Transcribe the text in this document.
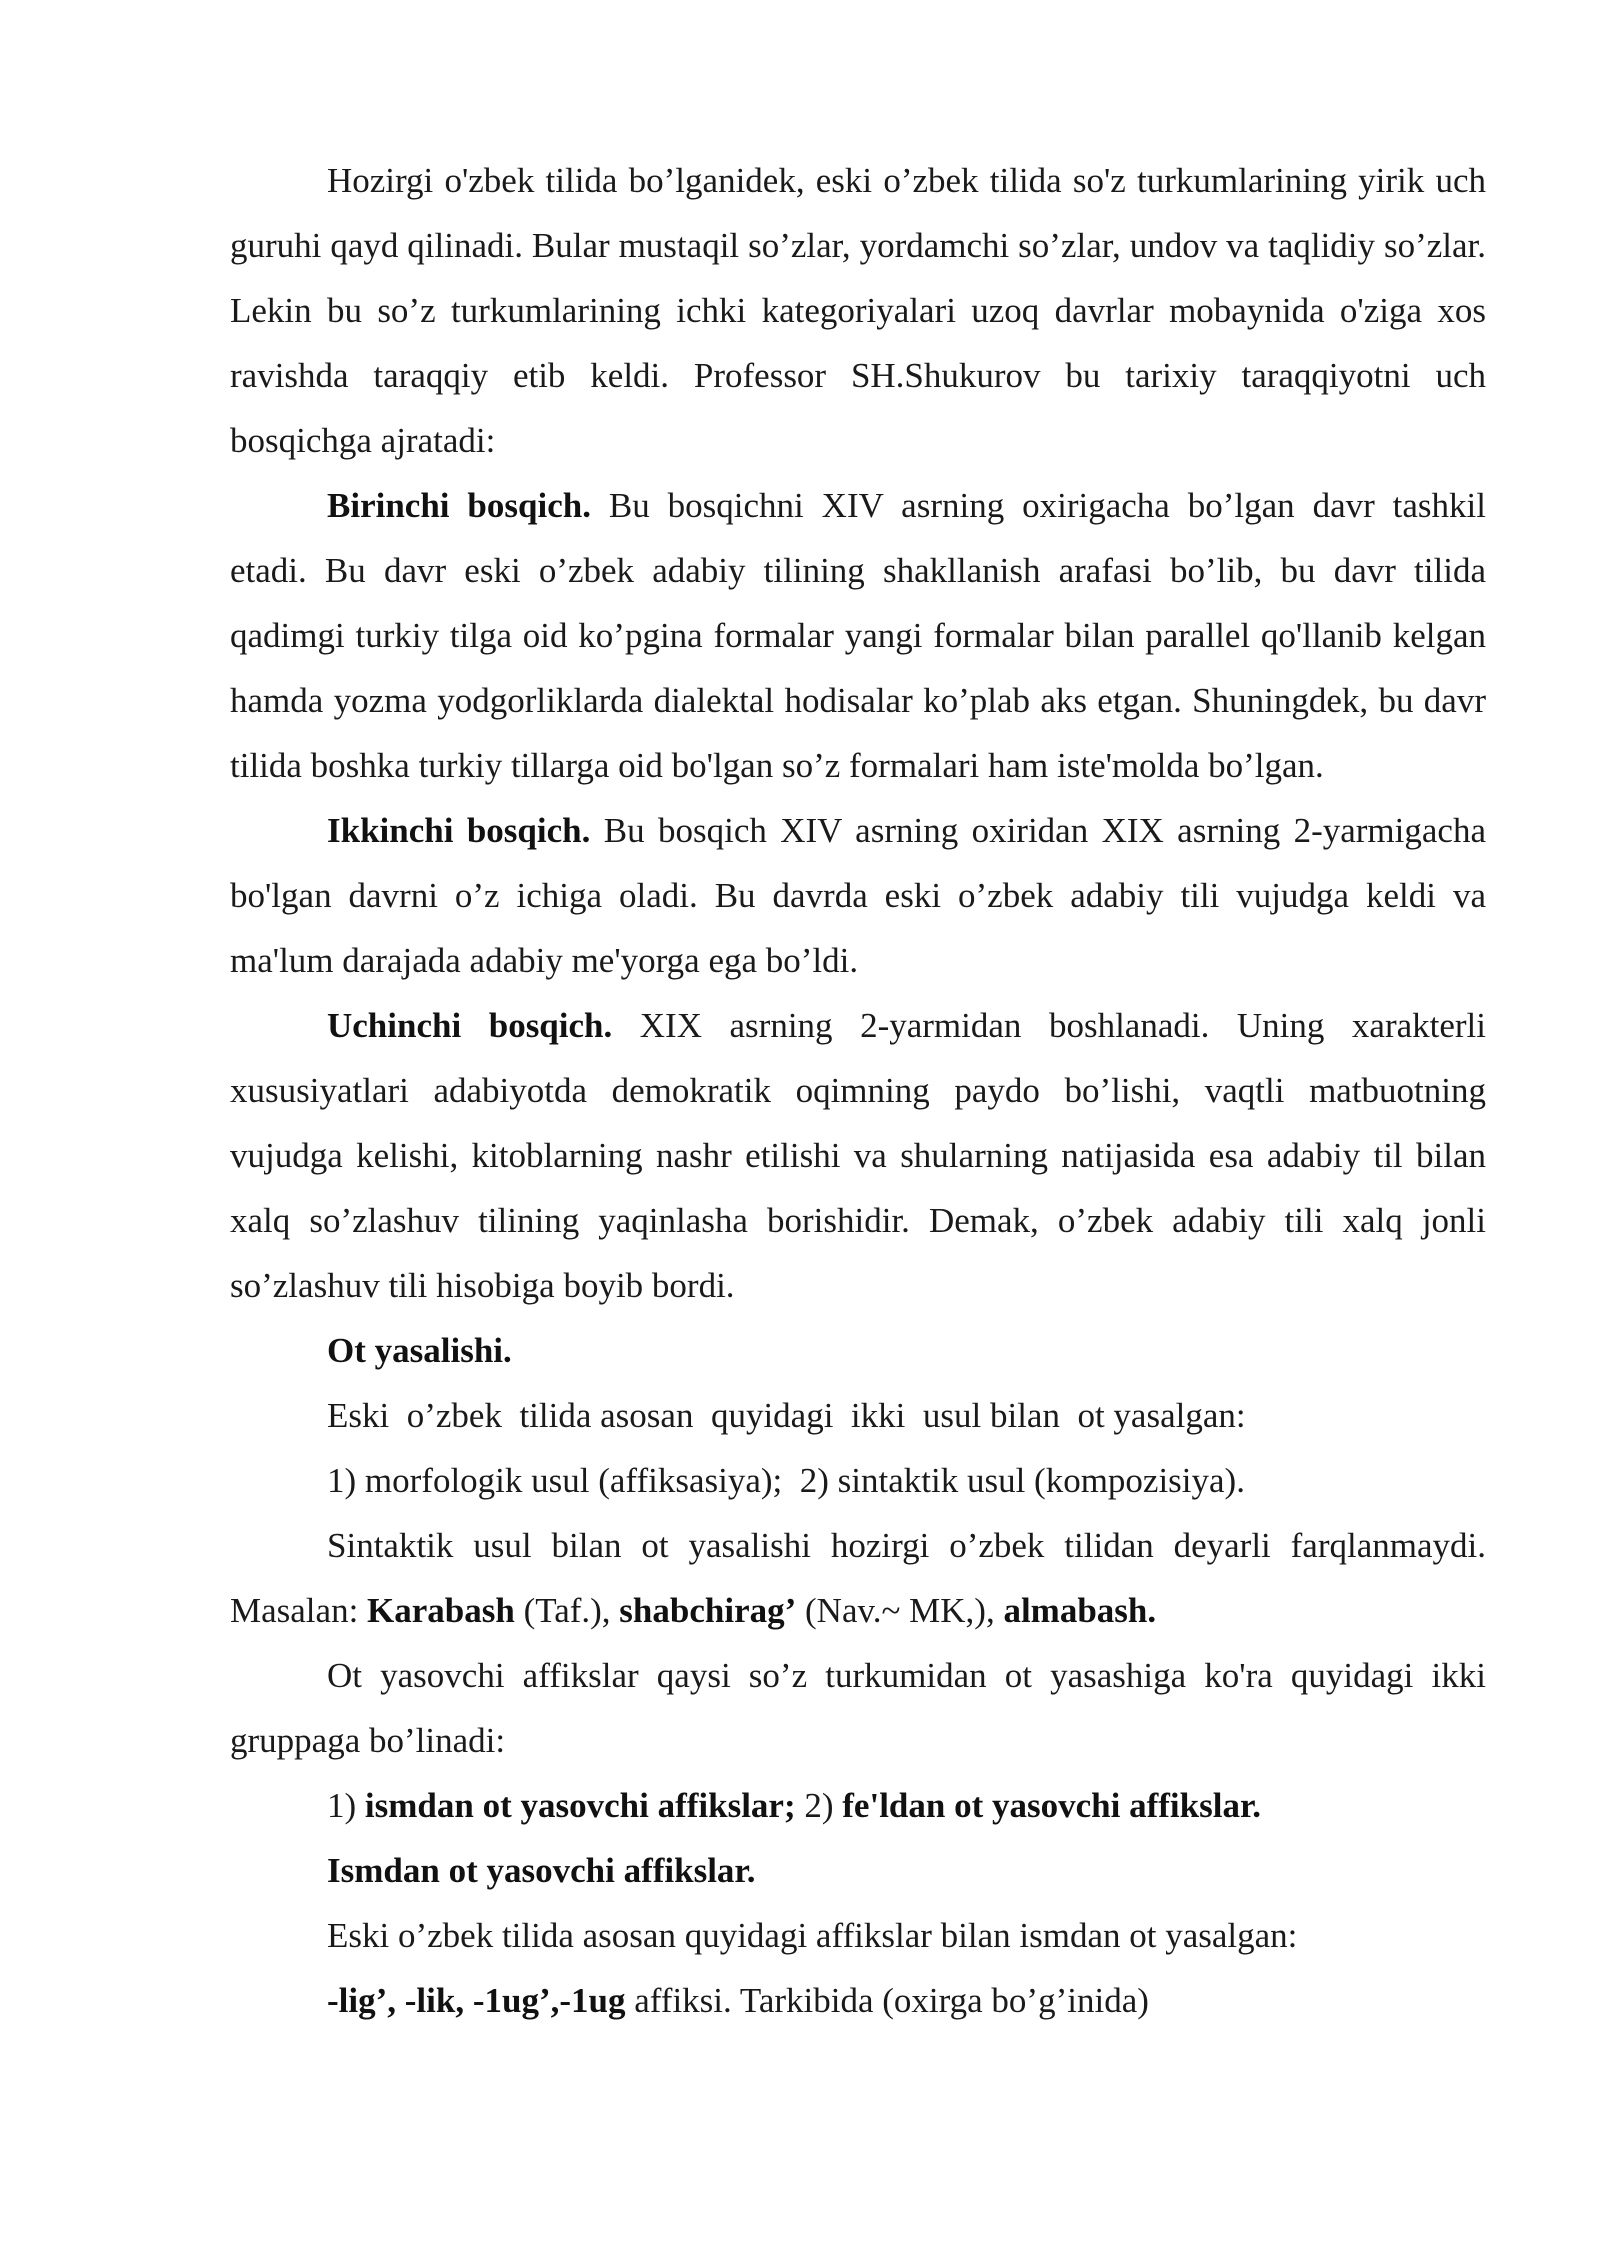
Hozirgi o'zbek tilida bo’lganidek, eski o’zbek tilida so'z turkumlarining yirik uch guruhi qayd qilinadi. Bular mustaqil so’zlar, yordamchi so’zlar, undov va taqlidiy so’zlar. Lekin bu so’z turkumlarining ichki kategoriyalari uzoq davrlar mobaynida o'ziga xos ravishda taraqqiy etib keldi. Professor SH.Shukurov bu tarixiy taraqqiyotni uch bosqichga ajratadi:

Birinchi bosqich. Bu bosqichni XIV asrning oxirigacha bo’lgan davr tashkil etadi. Bu davr eski o’zbek adabiy tilining shakllanish arafasi bo’lib, bu davr tilida qadimgi turkiy tilga oid ko’pgina formalar yangi formalar bilan parallel qo'llanib kelgan hamda yozma yodgorliklarda dialektal hodisalar ko’plab aks etgan. Shuningdek, bu davr tilida boshka turkiy tillarga oid bo'lgan so’z formalari ham iste'molda bo’lgan.

Ikkinchi bosqich. Bu bosqich XIV asrning oxiridan XIX asrning 2-yarmigacha bo'lgan davrni o’z ichiga oladi. Bu davrda eski o’zbek adabiy tili vujudga keldi va ma'lum darajada adabiy me'yorga ega bo’ldi.

Uchinchi bosqich. XIX asrning 2-yarmidan boshlanadi. Uning xarakterli xususiyatlari adabiyotda demokratik oqimning paydo bo’lishi, vaqtli matbuotning vujudga kelishi, kitoblarning nashr etilishi va shularning natijasida esa adabiy til bilan xalq so’zlashuv tilining yaqinlasha borishidir. Demak, o’zbek adabiy tili xalq jonli so’zlashuv tili hisobiga boyib bordi.

Ot yasalishi.

Eski  o’zbek  tilida asosan  quyidagi  ikki  usul bilan  ot yasalgan:

1) morfologik usul (affiksasiya);  2) sintaktik usul (kompozisiya).

Sintaktik usul bilan ot yasalishi hozirgi o’zbek tilidan deyarli farqlanmaydi. Masalan: Karabash (Taf.), shabchirag’ (Nav.~ MK,), almabash.

Ot yasovchi affikslar qaysi so’z turkumidan ot yasashiga ko'ra quyidagi ikki gruppaga bo’linadi:

1) ismdan ot yasovchi affikslar; 2) fe'ldan ot yasovchi affikslar.

Ismdan ot yasovchi affikslar.

Eski o’zbek tilida asosan quyidagi affikslar bilan ismdan ot yasalgan:

-lig’, -lik, -1ug’,-1ug affiksi. Tarkibida (oxirga bo’g’inida)
